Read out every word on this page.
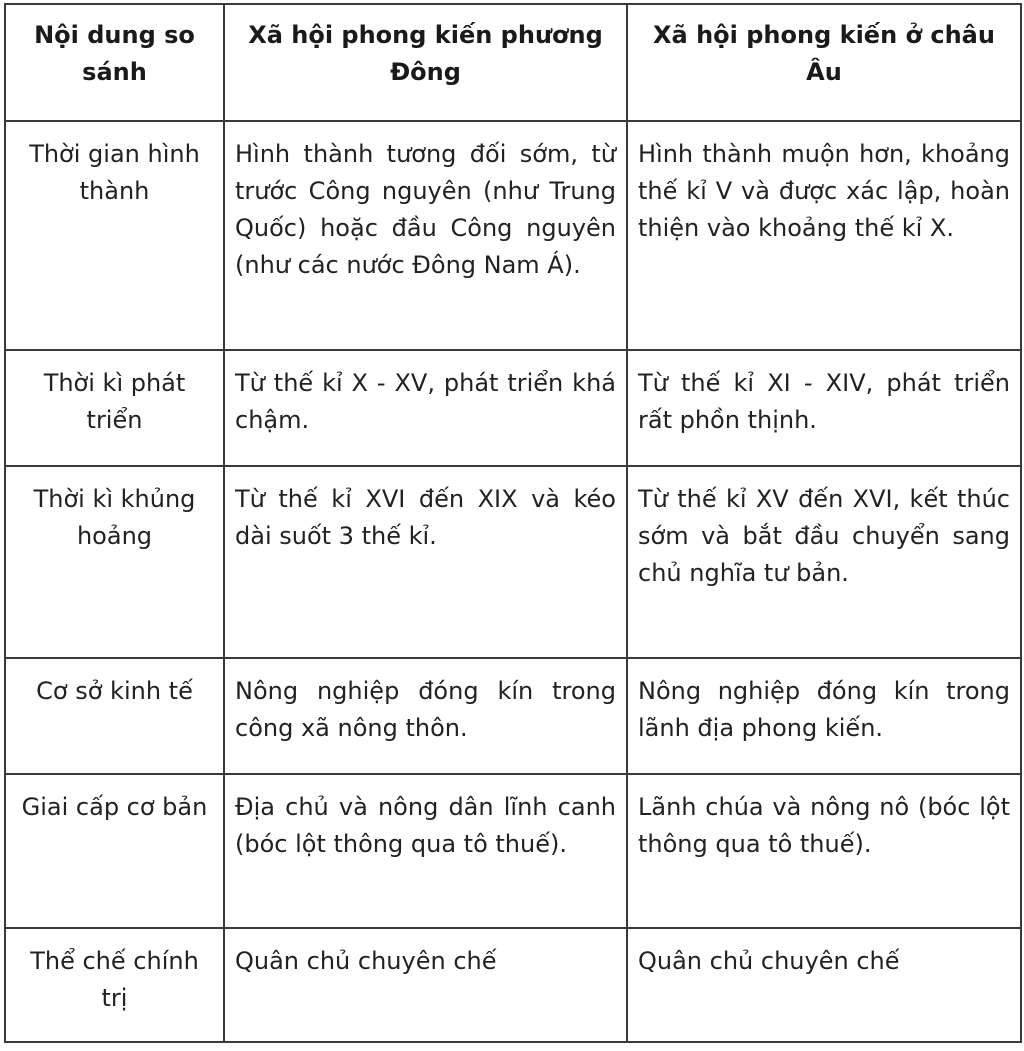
Nội dung so sánh	Xã hội phong kiến phương Đông	Xã hội phong kiến ở châu Âu
Thời gian hình thành	Hình thành tương đối sớm, từ trước Công nguyên (như Trung Quốc) hoặc đầu Công nguyên (như các nước Đông Nam Á).	Hình thành muộn hơn, khoảng thế kỉ V và được xác lập, hoàn thiện vào khoảng thế kỉ X.
Thời kì phát triển	Từ thế kỉ X - XV, phát triển khá chậm.	Từ thế kỉ XI - XIV, phát triển rất phồn thịnh.
Thời kì khủng hoảng	Từ thế kỉ XVI đến XIX và kéo dài suốt 3 thế kỉ.	Từ thế kỉ XV đến XVI, kết thúc sớm và bắt đầu chuyển sang chủ nghĩa tư bản.
Cơ sở kinh tế	Nông nghiệp đóng kín trong công xã nông thôn.	Nông nghiệp đóng kín trong lãnh địa phong kiến.
Giai cấp cơ bản	Địa chủ và nông dân lĩnh canh (bóc lột thông qua tô thuế).	Lãnh chúa và nông nô (bóc lột thông qua tô thuế).
Thể chế chính trị	Quân chủ chuyên chế	Quân chủ chuyên chế
